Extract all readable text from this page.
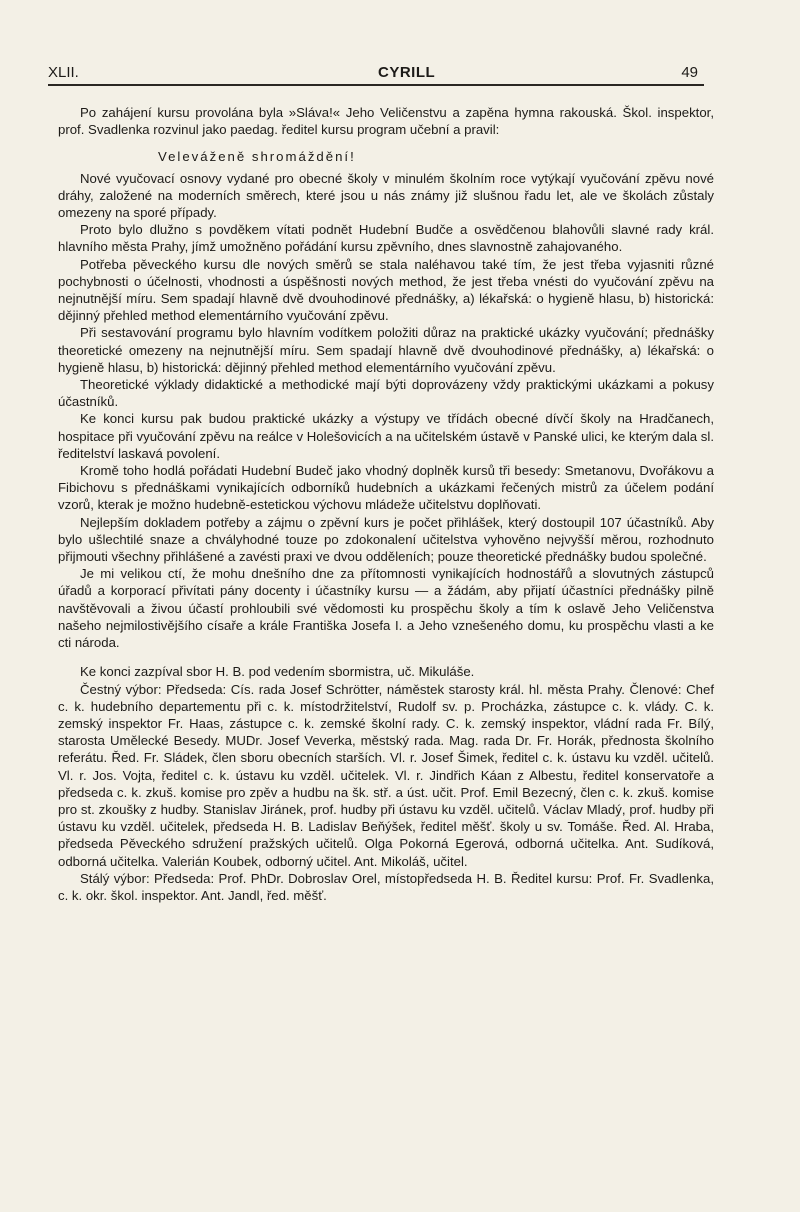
XLII.	CYRILL	49

Po zahájení kursu provolána byla »Sláva!« Jeho Veličenstvu a zapěna hymna rakouská. Škol. inspektor, prof. Svadlenka rozvinul jako paedag. ředitel kursu program učební a pravil:

Veleváženě shromáždění!

Nové vyučovací osnovy vydané pro obecné školy v minulém školním roce vytýkají vyučování zpěvu nové dráhy, založené na moderních směrech, které jsou u nás známy již slušnou řadu let, ale ve školách zůstaly omezeny na sporé případy.

Proto bylo dlužno s povděkem vítati podnět Hudební Budče a osvědčenou blahovůli slavné rady král. hlavního města Prahy, jímž umožněno pořádání kursu zpěvního, dnes slavnostně zahajovaného.

Potřeba pěveckého kursu dle nových směrů se stala naléhavou také tím, že jest třeba vyjasniti různé pochybnosti o účelnosti, vhodnosti a úspěšnosti nových method, že jest třeba vnésti do vyučování zpěvu na nejnutnější míru. Sem spadají hlavně dvě dvouhodinové přednášky, a) lékařská: o hygieně hlasu, b) historická: dějinný přehled method elementárního vyučování zpěvu.

Při sestavování programu bylo hlavním vodítkem položiti důraz na praktické ukázky vyučování; přednášky theoretické omezeny na nejnutnější míru. Sem spadají hlavně dvě dvouhodinové přednášky, a) lékařská: o hygieně hlasu, b) historická: dějinný přehled method elementárního vyučování zpěvu.

Theoretické výklady didaktické a methodické mají býti doprovázeny vždy praktickými ukázkami a pokusy účastníků.

Ke konci kursu pak budou praktické ukázky a výstupy ve třídách obecné dívčí školy na Hradčanech, hospitace při vyučování zpěvu na reálce v Holešovicích a na učitelském ústavě v Panské ulici, ke kterým dala sl. ředitelství laskavá povolení.

Kromě toho hodlá pořádati Hudební Budeč jako vhodný doplněk kursů tři besedy: Smetanovu, Dvořákovu a Fibichovu s přednáškami vynikajících odborníků hudebních a ukázkami řečených mistrů za účelem podání vzorů, kterak je možno hudebně-estetickou výchovu mládeže učitelstvu doplňovati.

Nejlepším dokladem potřeby a zájmu o zpěvní kurs je počet přihlášek, který dostoupil 107 účastníků. Aby bylo ušlechtilé snaze a chvályhodné touze po zdokonalení učitelstva vyhověno nejvyšší měrou, rozhodnuto přijmouti všechny přihlášené a zavésti praxi ve dvou odděleních; pouze theoretické přednášky budou společné.

Je mi velikou ctí, že mohu dnešního dne za přítomnosti vynikajících hodnostářů a slovutných zástupců úřadů a korporací přivítati pány docenty i účastníky kursu — a žádám, aby přijatí účastníci přednášky pilně navštěvovali a živou účastí prohloubili své vědomosti ku prospěchu školy a tím k oslavě Jeho Veličenstva našeho nejmilostivějšího císaře a krále Františka Josefa I. a Jeho vznešeného domu, ku prospěchu vlasti a ke cti národa.

Ke konci zazpíval sbor H. B. pod vedením sbormistra, uč. Mikuláše.

Čestný výbor: Předseda: Cís. rada Josef Schrötter, náměstek starosty král. hl. města Prahy. Členové: Chef c. k. hudebního departementu při c. k. místodržitelství, Rudolf sv. p. Procházka, zástupce c. k. vlády. C. k. zemský inspektor Fr. Haas, zástupce c. k. zemské školní rady. C. k. zemský inspektor, vládní rada Fr. Bílý, starosta Umělecké Besedy. MUDr. Josef Veverka, městský rada. Mag. rada Dr. Fr. Horák, přednosta školního referátu. Řed. Fr. Sládek, člen sboru obecních starších. Vl. r. Josef Šimek, ředitel c. k. ústavu ku vzděl. učitelů. Vl. r. Jos. Vojta, ředitel c. k. ústavu ku vzděl. učitelek. Vl. r. Jindřich Káan z Albestu, ředitel konservatoře a předseda c. k. zkuš. komise pro zpěv a hudbu na šk. stř. a úst. učit. Prof. Emil Bezecný, člen c. k. zkuš. komise pro st. zkoušky z hudby. Stanislav Jiránek, prof. hudby při ústavu ku vzděl. učitelů. Václav Mladý, prof. hudby při ústavu ku vzděl. učitelek, předseda H. B. Ladislav Beňýšek, ředitel měšť. školy u sv. Tomáše. Řed. Al. Hraba, předseda Pěveckého sdružení pražských učitelů. Olga Pokorná Egerová, odborná učitelka. Ant. Sudíková, odborná učitelka. Valerián Koubek, odborný učitel. Ant. Mikoláš, učitel.

Stálý výbor: Předseda: Prof. PhDr. Dobroslav Orel, místopředseda H. B. Ředitel kursu: Prof. Fr. Svadlenka, c. k. okr. škol. inspektor. Ant. Jandl, řed. měšť.
